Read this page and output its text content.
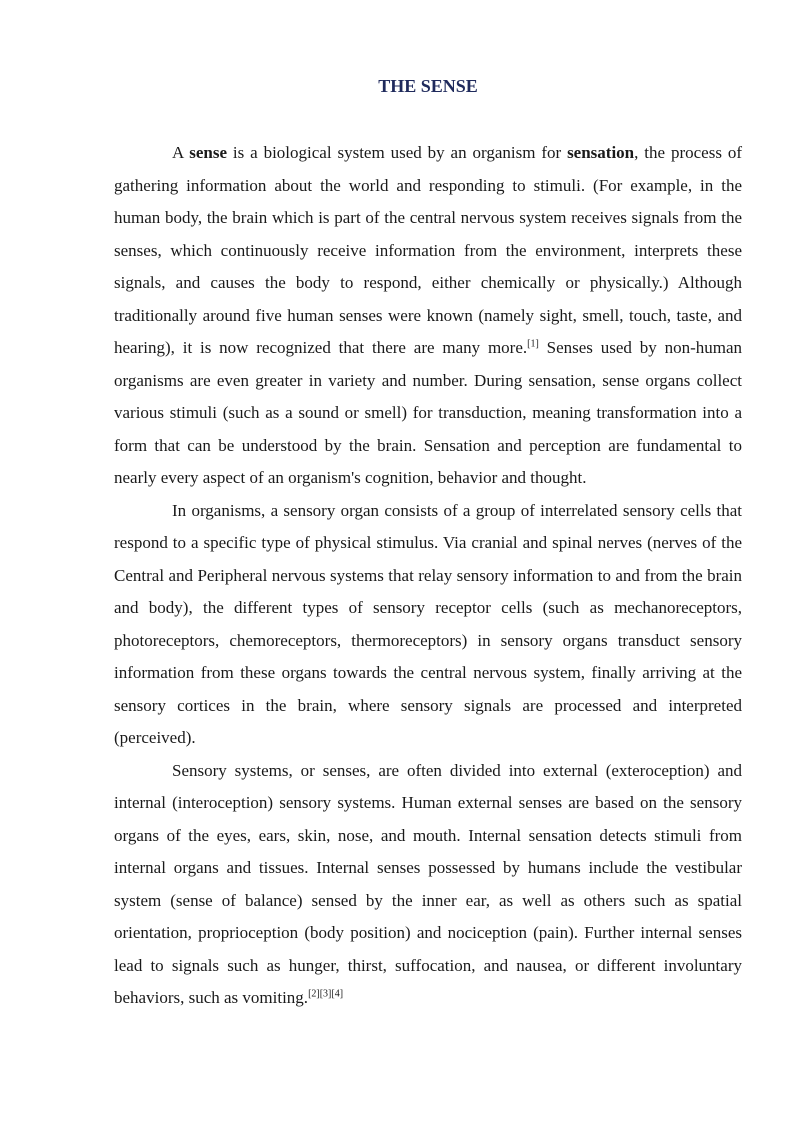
THE SENSE

A sense is a biological system used by an organism for sensation, the process of gathering information about the world and responding to stimuli. (For example, in the human body, the brain which is part of the central nervous system receives signals from the senses, which continuously receive information from the environment, interprets these signals, and causes the body to respond, either chemically or physically.) Although traditionally around five human senses were known (namely sight, smell, touch, taste, and hearing), it is now recognized that there are many more.[1] Senses used by non-human organisms are even greater in variety and number. During sensation, sense organs collect various stimuli (such as a sound or smell) for transduction, meaning transformation into a form that can be understood by the brain. Sensation and perception are fundamental to nearly every aspect of an organism's cognition, behavior and thought.

In organisms, a sensory organ consists of a group of interrelated sensory cells that respond to a specific type of physical stimulus. Via cranial and spinal nerves (nerves of the Central and Peripheral nervous systems that relay sensory information to and from the brain and body), the different types of sensory receptor cells (such as mechanoreceptors, photoreceptors, chemoreceptors, thermoreceptors) in sensory organs transduct sensory information from these organs towards the central nervous system, finally arriving at the sensory cortices in the brain, where sensory signals are processed and interpreted (perceived).

Sensory systems, or senses, are often divided into external (exteroception) and internal (interoception) sensory systems. Human external senses are based on the sensory organs of the eyes, ears, skin, nose, and mouth. Internal sensation detects stimuli from internal organs and tissues. Internal senses possessed by humans include the vestibular system (sense of balance) sensed by the inner ear, as well as others such as spatial orientation, proprioception (body position) and nociception (pain). Further internal senses lead to signals such as hunger, thirst, suffocation, and nausea, or different involuntary behaviors, such as vomiting.[2][3][4]
